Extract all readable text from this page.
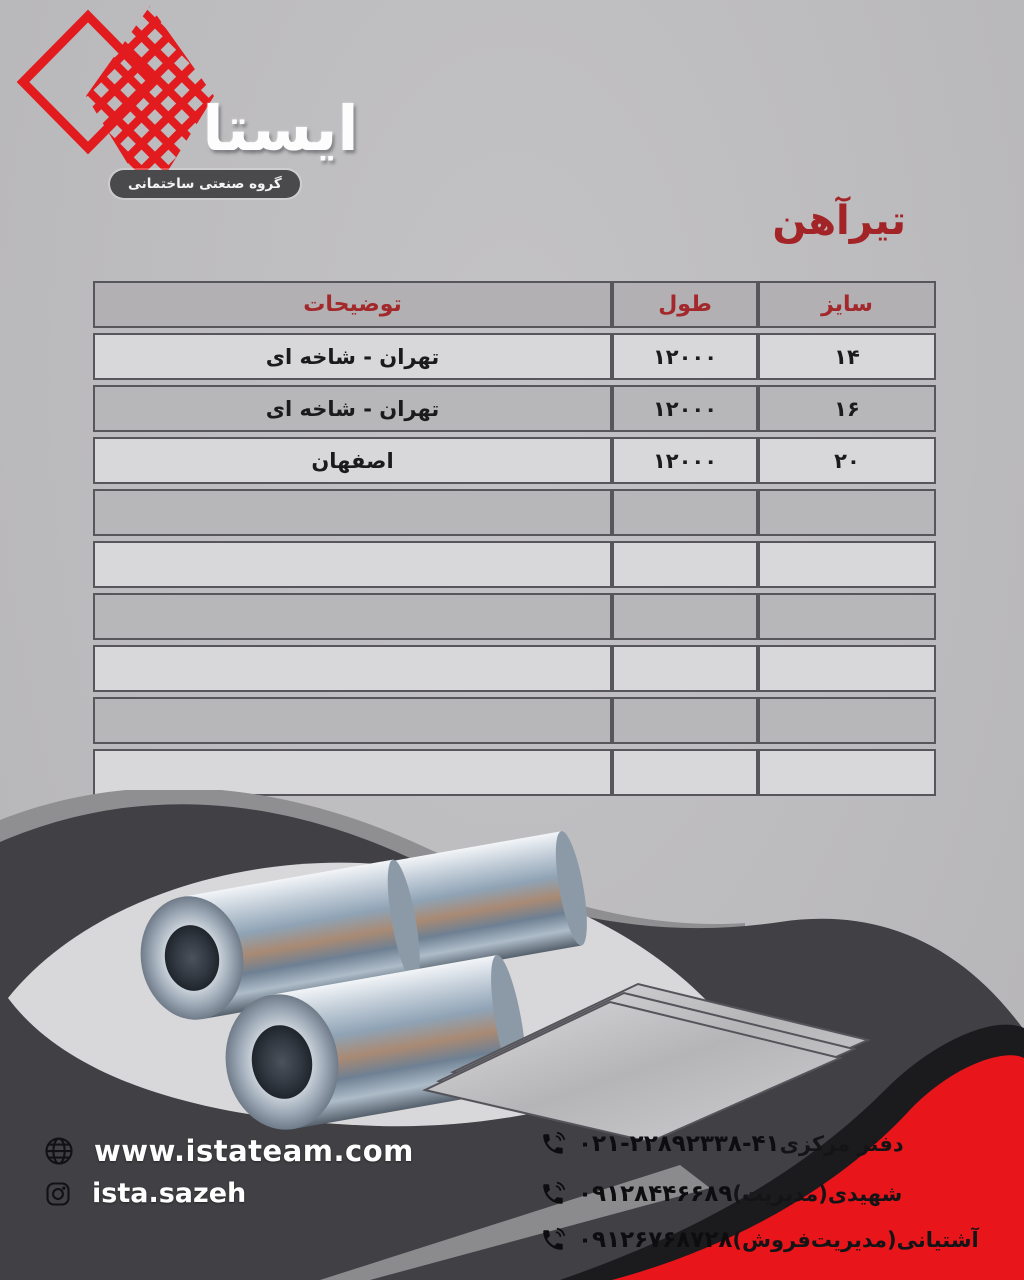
ایستا
گروه صنعتی ساختمانی
تیرآهن
سایز	طول	توضیحات
۱۴	۱۲۰۰۰	تهران - شاخه ای
۱۶	۱۲۰۰۰	تهران - شاخه ای
۲۰	۱۲۰۰۰	اصفهان

www.istateam.com
ista.sazeh
۰۲۱-۲۲۸۹۲۳۳۸-۴۱ دفتر مرکزی
۰۹۱۲۸۴۴۶۶۸۹ شهیدی(مدیریت)
۰۹۱۲۶۷۶۸۷۲۸ آشتیانی(مدیریت‌فروش)
